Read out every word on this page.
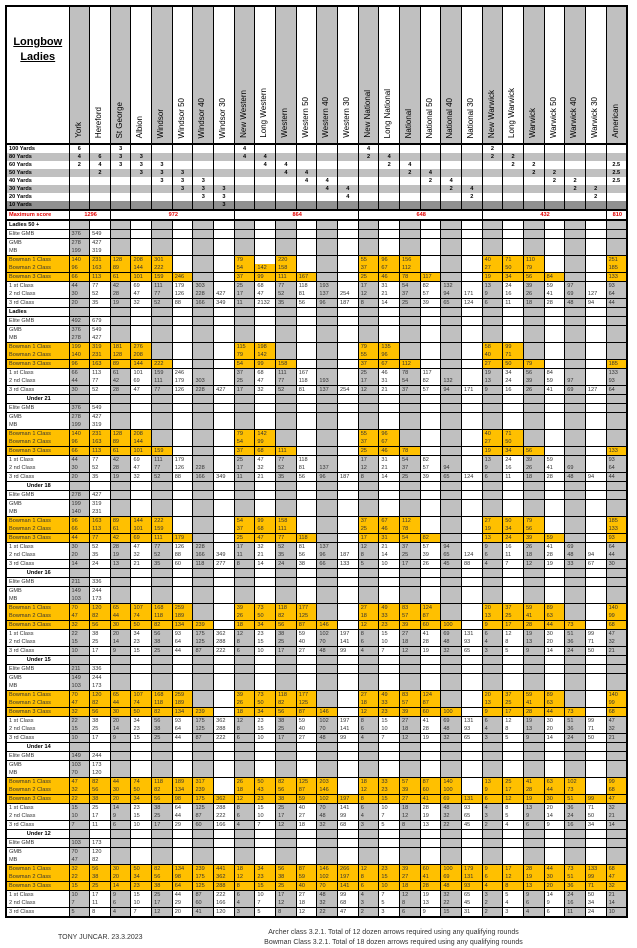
Longbow
Ladies	York	Hereford	St George	Albion	Windsor	Windsor 50	Windsor 40	Windsor 30	New Western	Long Western	Western	Western 50	Western 40	Western 30	New National	Long National	National	National 50	National 40	National 30	New Warwick	Long Warwick	Warwick	Warwick 50	Warwick 40	Warwick 30	American
100 Yards	6		3						4						4						2						
80 Yards	4	6	3	3					4	4					2	4					2	2					
60 Yards	2	4	3	3	3					4	4					2	4					2	2				2.5
50 Yards		2		3	3	3					4	4					2	4					2	2			2.5
40 Yards					3	3	3					4	4					2	4					2	2		2.5
30 Yards						3	3	3					4	4					2	4					2	2	
20 Yards							3	3						4						2						2	
10 Yards								3																			
Maximum score	1296		972						864						648						432						810
Ladies 50 +																											
Elite GMB	376	549																									
GMB	278	427																									
MB	199	319																									
Bowman 1 Class	140	231	128	208	301				79		220				55	96	156				40	71	110				251
Bowman 2 Class	96	163	89	144	222				54	142	158				37	67	112				27	50	79				185
Bowman 3 Class	66	113	61	101	159	246			37	99	111	167			25	46	78	117			19	34	56	84			133
1 st Class	44	77	42	69	111	179	303		25	68	77	118	193		17	31	54	82	132		13	24	39	59	97		93
2 nd Class	30	52	28	47	77	126	228	427	17	47	52	81	137	254	12	21	37	57	94	171	9	16	26	41	69	127	64
3 rd Class	20	35	19	32	52	88	166	349	11	2132	35	56	96	187	8	14	25	39	65	124	6	11	18	28	48	94	44
Ladies																											
Elite GMB	492	679																									
GMB	376	549																									
MB	278	427																									
Bowman 1 Class	199	319	181	276					115	198					79	135					58	99					
Bowman 2 Class	140	231	128	208					79	142					55	96					40	71					
Bowman 3 Class	96	163	89	144	222				54	99	158				37	67	112				27	50	79				185
1 st Class	66	113	61	101	159	246			37	68	111	167			25	46	78	117			19	34	56	84			133
2 nd Class	44	77	42	69	111	179	303		25	47	77	118	193		17	31	54	82	132		13	24	39	59	97		93
3 rd Class	30	52	28	47	77	126	228	427	17	32	52	81	137	254	12	21	37	57	94	171	9	16	26	41	69	127	64
Under 21																											
Elite GMB	376	549																									
GMB	278	427																									
MB	199	319																									
Bowman 1 Class	140	231	128	208					79	142					55	96					40	71					
Bowman 2 Class	96	163	89	144					54	99					37	67					27	50					
Bowman 3 Class	66	113	61	101	159				37	68	111				25	46	78				19	34	56				133
1 st Class	44	77	42	69	111	179			25	47	77	118			17	31	54	82			13	24	39	59			93
2 nd Class	30	52	28	47	77	126	228		17	32	52	81	137		12	21	37	57	94		9	16	26	41	69		64
3 rd Class	20	35	19	32	52	88	166	349	11	21	35	56	96	187	8	14	25	39	65	124	6	11	18	28	48	94	44
Under 18																											
Elite GMB	278	427																									
GMB	199	319																									
MB	140	231																									
Bowman 1 Class	96	163	89	144	222				54	99	158				37	67	112				27	50	79				185
Bowman 2 Class	66	113	61	101	159				37	68	111				25	46	78				19	34	56				133
Bowman 3 Class	44	77	42	69	111	179			25	47	77	118			17	31	54	82			13	24	39	59			93
1 st Class	30	52	28	47	77	126	228		17	32	52	81	137		12	21	37	57	94		9	16	26	41	69		64
2 nd Class	20	35	19	32	52	88	166	349	11	21	35	56	96	187	8	14	25	39	65	124	6	11	18	28	48	94	44
3 rd Class	14	24	13	21	35	60	118	277	8	14	24	38	66	133	5	10	17	26	45	88	4	7	12	19	33	67	30
Under 16																											
Elite GMB	211	336																									
GMB	149	244																									
MB	103	173																									
Bowman 1 Class	70	120	65	107	168	259			39	73	118	177			27	49	83	124			20	37	59	89			140
Bowman 2 Class	47	82	44	74	118	189			26	50	82	125			18	33	57	87			13	25	41	63			99
Bowman 3 Class	32	56	30	50	82	134	239		18	34	56	87	146		12	23	39	60	100		9	17	28	44	73		68
1 st Class	22	38	20	34	56	93	175	362	12	23	38	59	102	197	8	15	27	41	69	131	6	12	19	30	51	99	47
2 nd Class	15	25	14	23	38	64	125	288	8	15	25	40	70	141	6	10	18	28	48	93	4	8	13	20	36	71	32
3 rd Class	10	17	9	15	25	44	87	222	6	10	17	27	48	99	4	7	12	19	32	65	3	5	9	14	24	50	21
Under 15																											
Elite GMB	211	336																									
GMB	149	244																									
MB	103	173																									
Bowman 1 Class	70	120	65	107	168	259			39	73	118	177			27	49	83	124			20	37	59	89			140
Bowman 2 Class	47	82	44	74	118	189			26	50	82	125			18	33	57	87			13	25	41	63			99
Bowman 3 Class	32	56	30	50	82	134	239		18	34	56	87	146		12	23	39	60	100		9	17	28	44	73		68
1 st Class	22	38	20	34	56	93	175	362	12	23	38	59	102	197	8	15	27	41	69	131	6	12	19	30	51	99	47
2 nd Class	15	25	14	23	38	64	125	288	8	15	25	40	70	141	6	10	18	28	48	93	4	8	13	20	36	71	32
3 rd Class	10	17	9	15	25	44	87	222	6	10	17	27	48	99	4	7	12	19	32	65	3	5	9	14	24	50	21
Under 14																											
Elite GMB	149	244																									
GMB	103	173																									
MB	70	120																									
Bowman 1 Class	47	82	44	74	118	189	317		26	50	82	125	203		18	33	57	87	140		13	25	41	63	102		99
Bowman 2 Class	32	56	30	50	82	134	239		18	43	56	87	146		12	23	39	60	100		9	17	28	44	73		68
Bowman 3 Class	22	38	20	34	56	98	175	362	12	23	38	59	102	197	8	15	27	41	69	131	6	12	19	30	51	99	47
1 st Class	15	25	14	23	38	64	125	288	8	15	25	40	70	141	6	10	18	28	48	93	4	8	13	20	36	71	32
2 nd Class	10	17	9	15	25	44	87	222	6	10	17	27	48	99	4	7	12	19	32	65	3	5	9	14	24	50	21
3 rd Class	7	11	6	10	17	29	60	166	4	7	12	18	32	68	3	5	8	13	22	45	2	4	6	9	16	34	14
Under 12																											
Elite GMB	103	173																									
GMB	70	120																									
MB	47	82																									
Bowman 1 Class	32	56	30	50	82	134	239	441	18	34	56	87	146	266	12	23	39	60	100	179	9	17	28	44	73	133	68
Bowman 2 Class	22	38	20	34	56	98	175	362	12	23	38	59	102	197	8	15	27	41	69	131	6	12	19	30	51	99	47
Bowman 3 Class	15	25	14	23	38	64	125	288	8	15	25	40	70	141	6	10	18	28	48	93	4	8	13	20	36	71	32
1 st Class	10	17	9	15	25	44	87	222	6	10	17	27	48	99	4	7	12	19	32	65	3	5	9	14	24	50	21
2 nd Class	7	11	6	10	17	29	60	166	4	7	12	18	32	68	3	5	8	13	22	45	2	4	6	9	16	34	14
3 rd Class	5	8	4	7	12	20	41	120	3	5	8	12	22	47	2	3	6	9	15	31	2	3	4	6	11	24	10
TONY JUNCAR. 23.3.2023
Archer class 3.2.1. Total of 12 dozen arrows required using any qualifying rounds
Bowman Class 3.2.1. Total of 18 dozen arrows required using any qualifying rounds
